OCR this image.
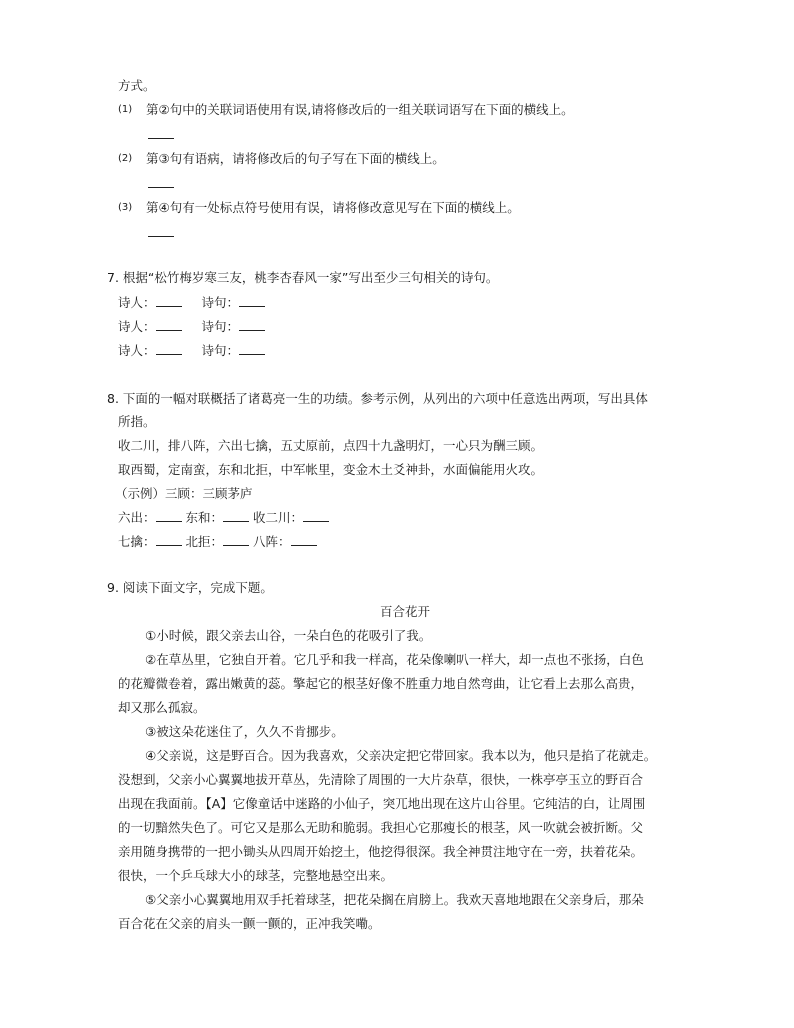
方式。
(1) 第②句中的关联词语使用有误,请将修改后的一组关联词语写在下面的横线上。
(2) 第③句有语病，请将修改后的句子写在下面的横线上。
(3) 第④句有一处标点符号使用有误，请将修改意见写在下面的横线上。
7. 根据“松竹梅岁寒三友，桃李杏春风一家”写出至少三句相关的诗句。
诗人：	诗句：
诗人：	诗句：
诗人：	诗句：
8. 下面的一幅对联概括了诸葛亮一生的功绩。参考示例，从列出的六项中任意选出两项，写出具体
所指。
收二川，排八阵，六出七擒，五丈原前，点四十九盏明灯，一心只为酬三顾。
取西蜀，定南蛮，东和北拒，中军帐里，变金木土爻神卦，水面偏能用火攻。
（示例）三顾：三顾茅庐
六出： 东和： 收二川：
七擒： 北拒： 八阵：
9. 阅读下面文字，完成下题。
百合花开
①小时候，跟父亲去山谷，一朵白色的花吸引了我。
②在草丛里，它独自开着。它几乎和我一样高，花朵像喇叭一样大，却一点也不张扬，白色
的花瓣微卷着，露出嫩黄的蕊。擎起它的根茎好像不胜重力地自然弯曲，让它看上去那么高贵，
却又那么孤寂。
③被这朵花迷住了，久久不肯挪步。
④父亲说，这是野百合。因为我喜欢，父亲决定把它带回家。我本以为，他只是掐了花就走。
没想到，父亲小心翼翼地拔开草丛，先清除了周围的一大片杂草，很快，一株亭亭玉立的野百合
出现在我面前。【A】它像童话中迷路的小仙子，突兀地出现在这片山谷里。它纯洁的白，让周围
的一切黯然失色了。可它又是那么无助和脆弱。我担心它那瘦长的根茎，风一吹就会被折断。父
亲用随身携带的一把小锄头从四周开始挖土，他挖得很深。我全神贯注地守在一旁，扶着花朵。
很快，一个乒乓球大小的球茎，完整地悬空出来。
⑤父亲小心翼翼地用双手托着球茎，把花朵搁在肩膀上。我欢天喜地地跟在父亲身后，那朵
百合花在父亲的肩头一颤一颤的，正冲我笑嘞。
